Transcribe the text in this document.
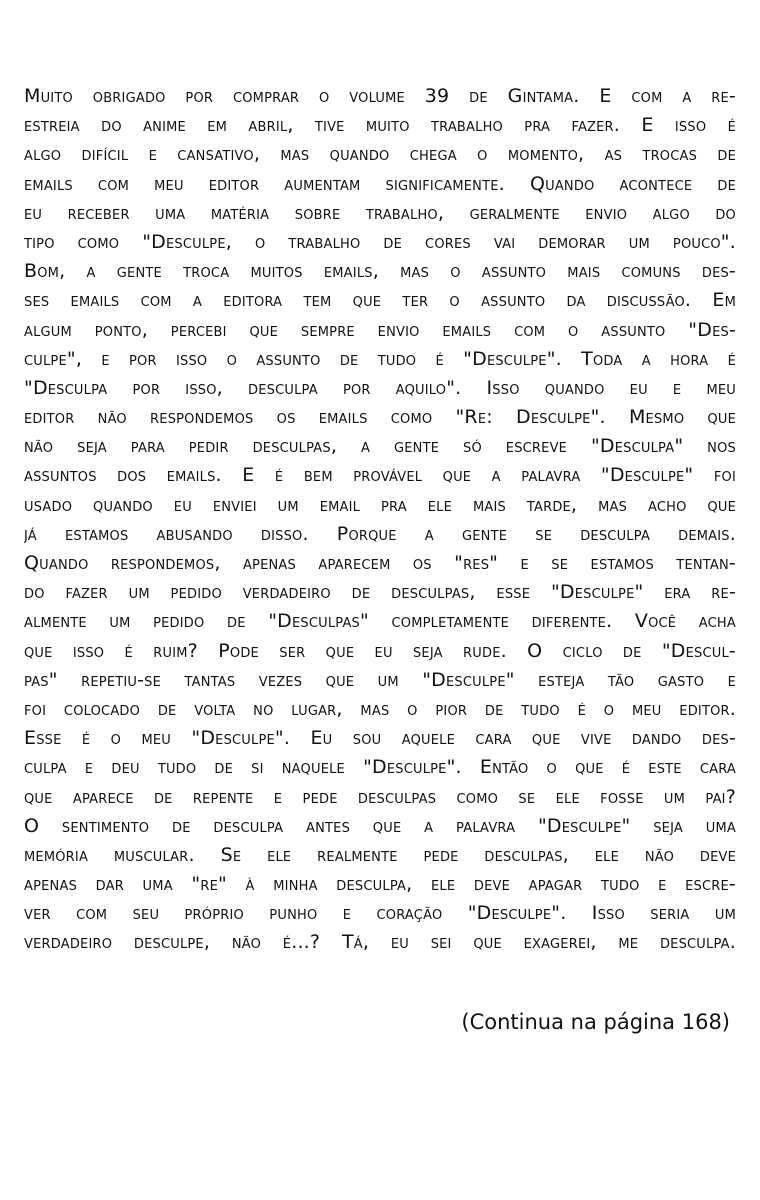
Muito obrigado por comprar o volume 39 de Gintama. E com a re-
estreia do anime em abril, tive muito trabalho pra fazer. E isso é
algo difícil e cansativo, mas quando chega o momento, as trocas de
emails com meu editor aumentam significamente. Quando acontece de
eu receber uma matéria sobre trabalho, geralmente envio algo do
tipo como "Desculpe, o trabalho de cores vai demorar um pouco".
Bom, a gente troca muitos emails, mas o assunto mais comuns des-
ses emails com a editora tem que ter o assunto da discussão. Em
algum ponto, percebi que sempre envio emails com o assunto "Des-
culpe", e por isso o assunto de tudo é "Desculpe". Toda a hora é
"Desculpa por isso, desculpa por aquilo". Isso quando eu e meu
editor não respondemos os emails como "Re: Desculpe". Mesmo que
não seja para pedir desculpas, a gente só escreve "Desculpa" nos
assuntos dos emails. E é bem provável que a palavra "Desculpe" foi
usado quando eu enviei um email pra ele mais tarde, mas acho que
já estamos abusando disso. Porque a gente se desculpa demais.
Quando respondemos, apenas aparecem os "res" e se estamos tentan-
do fazer um pedido verdadeiro de desculpas, esse "Desculpe" era re-
almente um pedido de "Desculpas" completamente diferente. Você acha
que isso é ruim? Pode ser que eu seja rude. O ciclo de "Descul-
pas" repetiu-se tantas vezes que um "Desculpe" esteja tão gasto e
foi colocado de volta no lugar, mas o pior de tudo é o meu editor.
Esse é o meu "Desculpe". Eu sou aquele cara que vive dando des-
culpa e deu tudo de si naquele "Desculpe". Então o que é este cara
que aparece de repente e pede desculpas como se ele fosse um pai?
O sentimento de desculpa antes que a palavra "Desculpe" seja uma
memória muscular. Se ele realmente pede desculpas, ele não deve
apenas dar uma "re" à minha desculpa, ele deve apagar tudo e escre-
ver com seu próprio punho e coração "Desculpe". Isso seria um
verdadeiro desculpe, não é...? Tá, eu sei que exagerei, me desculpa.

(Continua na página 168)
